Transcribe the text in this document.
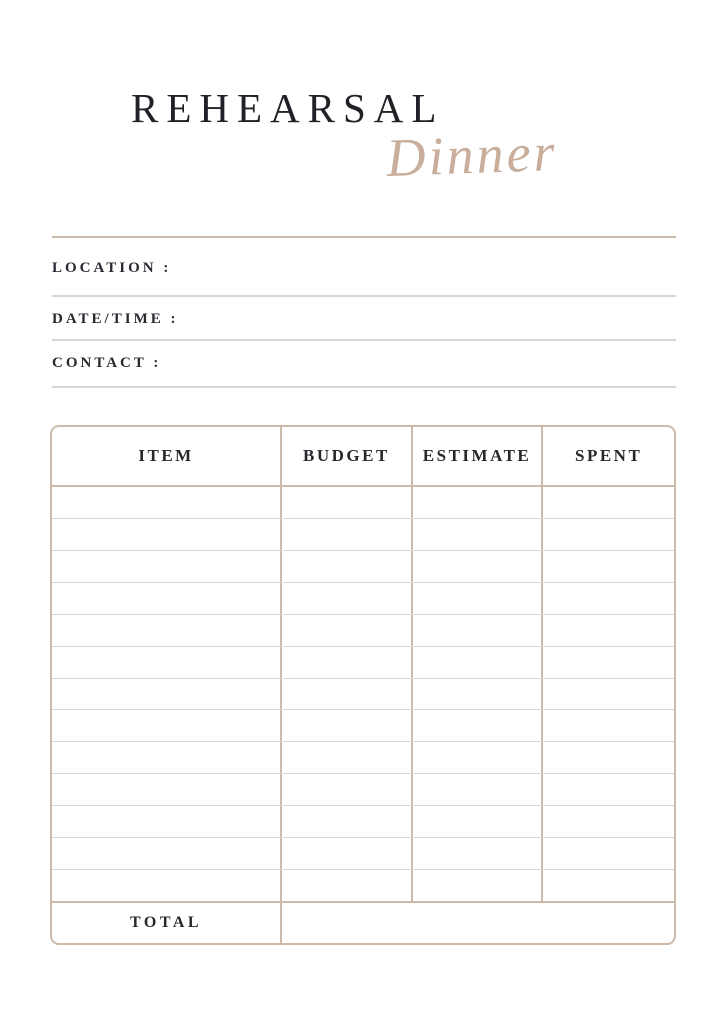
REHEARSAL
Dinner
LOCATION :
DATE/TIME :
CONTACT :
ITEM	BUDGET	ESTIMATE	SPENT
TOTAL
